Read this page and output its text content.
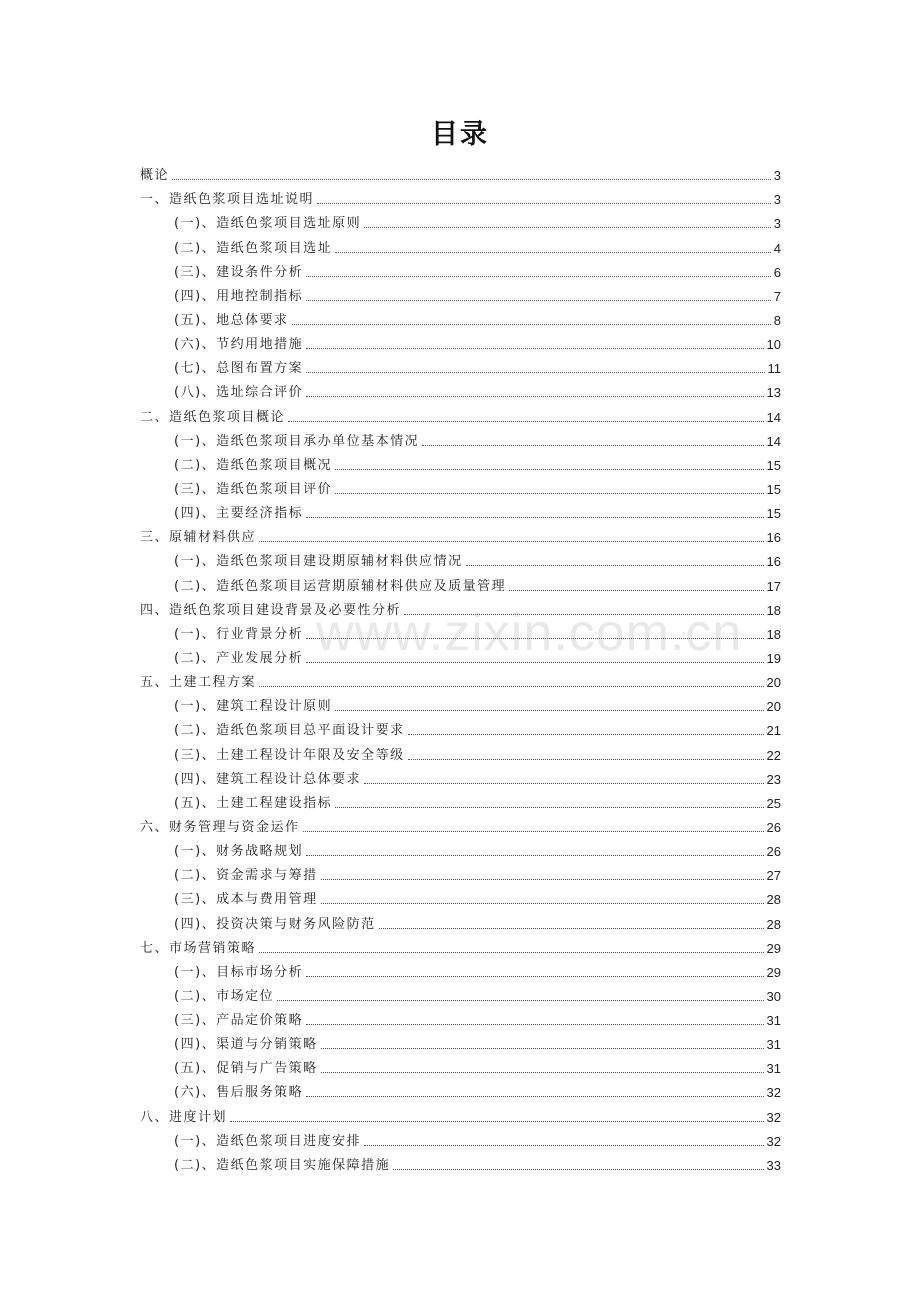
目录
概论	3
一、造纸色浆项目选址说明	3
(一)、造纸色浆项目选址原则	3
(二)、造纸色浆项目选址	4
(三)、建设条件分析	6
(四)、用地控制指标	7
(五)、地总体要求	8
(六)、节约用地措施	10
(七)、总图布置方案	11
(八)、选址综合评价	13
二、造纸色浆项目概论	14
(一)、造纸色浆项目承办单位基本情况	14
(二)、造纸色浆项目概况	15
(三)、造纸色浆项目评价	15
(四)、主要经济指标	15
三、原辅材料供应	16
(一)、造纸色浆项目建设期原辅材料供应情况	16
(二)、造纸色浆项目运营期原辅材料供应及质量管理	17
四、造纸色浆项目建设背景及必要性分析	18
(一)、行业背景分析	18
(二)、产业发展分析	19
五、土建工程方案	20
(一)、建筑工程设计原则	20
(二)、造纸色浆项目总平面设计要求	21
(三)、土建工程设计年限及安全等级	22
(四)、建筑工程设计总体要求	23
(五)、土建工程建设指标	25
六、财务管理与资金运作	26
(一)、财务战略规划	26
(二)、资金需求与筹措	27
(三)、成本与费用管理	28
(四)、投资决策与财务风险防范	28
七、市场营销策略	29
(一)、目标市场分析	29
(二)、市场定位	30
(三)、产品定价策略	31
(四)、渠道与分销策略	31
(五)、促销与广告策略	31
(六)、售后服务策略	32
八、进度计划	32
(一)、造纸色浆项目进度安排	32
(二)、造纸色浆项目实施保障措施	33
www.zixin.com.cn
